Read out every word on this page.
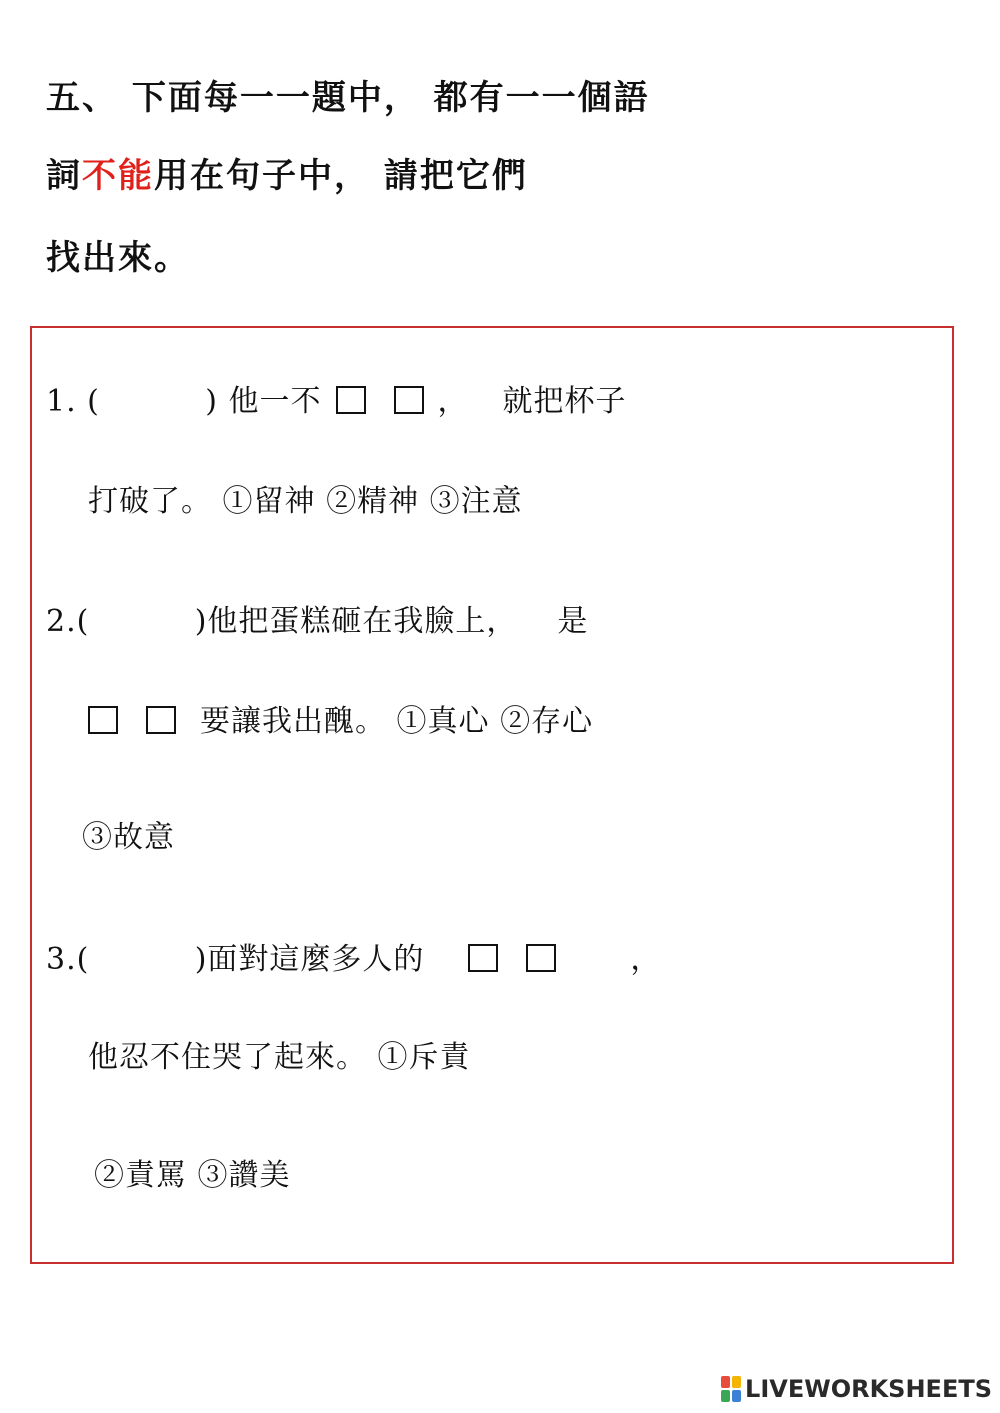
五、 下面每一一題中， 都有一一個語
詞不能用在句子中， 請把它們
找出來。
1. (          ) 他一不	， 就把杯子
打破了。 ①留神 ②精神 ③注意
2.(          )他把蛋糕砸在我臉上， 是
要讓我出醜。 ①真心 ②存心
③故意
3.(          )面對這麼多人的	，
他忍不住哭了起來。 ①斥責
②責罵 ③讚美
LIVEWORKSHEETS
